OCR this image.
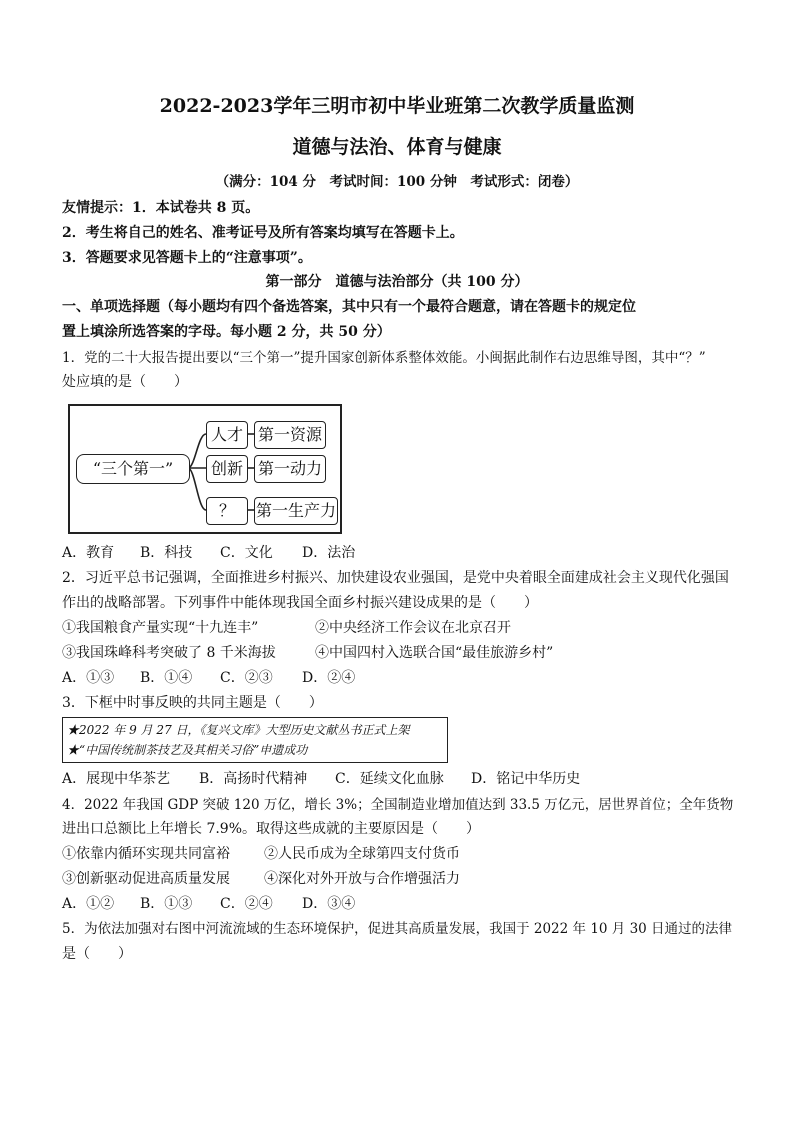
2022-2023学年三明市初中毕业班第二次教学质量监测
道德与法治、体育与健康
（满分：104 分　考试时间：100 分钟　考试形式：闭卷）
友情提示：1．本试卷共 8 页。
2．考生将自己的姓名、准考证号及所有答案均填写在答题卡上。
3．答题要求见答题卡上的“注意事项”。
第一部分　道德与法治部分（共 100 分）
一、单项选择题（每小题均有四个备选答案，其中只有一个最符合题意，请在答题卡的规定位
置上填涂所选答案的字母。每小题 2 分，共 50 分）
1．党的二十大报告提出要以“三个第一”提升国家创新体系整体效能。小闽据此制作右边思维导图，其中“？”
处应填的是（　　）
“三个第一”
人才 第一资源
创新 第一动力
？	第一生产力
A．教育 B．科技 C．文化 D．法治
2．习近平总书记强调，全面推进乡村振兴、加快建设农业强国，是党中央着眼全面建成社会主义现代化强国
作出的战略部署。下列事件中能体现我国全面乡村振兴建设成果的是（　　）
①我国粮食产量实现“十九连丰”	②中央经济工作会议在北京召开
③我国珠峰科考突破了 8 千米海拔	④中国四村入选联合国“最佳旅游乡村”
A．①③ B．①④ C．②③ D．②④
3．下框中时事反映的共同主题是（　　）
★2022 年 9 月 27 日，《复兴文库》大型历史文献丛书正式上架
★“中国传统制茶技艺及其相关习俗”申遗成功
A．展现中华茶艺 B．高扬时代精神 C．延续文化血脉 D．铭记中华历史
4．2022 年我国 GDP 突破 120 万亿，增长 3%；全国制造业增加值达到 33.5 万亿元，居世界首位；全年货物
进出口总额比上年增长 7.9%。取得这些成就的主要原因是（　　）
①依靠内循环实现共同富裕 ②人民币成为全球第四支付货币
③创新驱动促进高质量发展 ④深化对外开放与合作增强活力
A．①② B．①③ C．②④ D．③④
5．为依法加强对右图中河流流域的生态环境保护，促进其高质量发展，我国于 2022 年 10 月 30 日通过的法律
是（　　）
